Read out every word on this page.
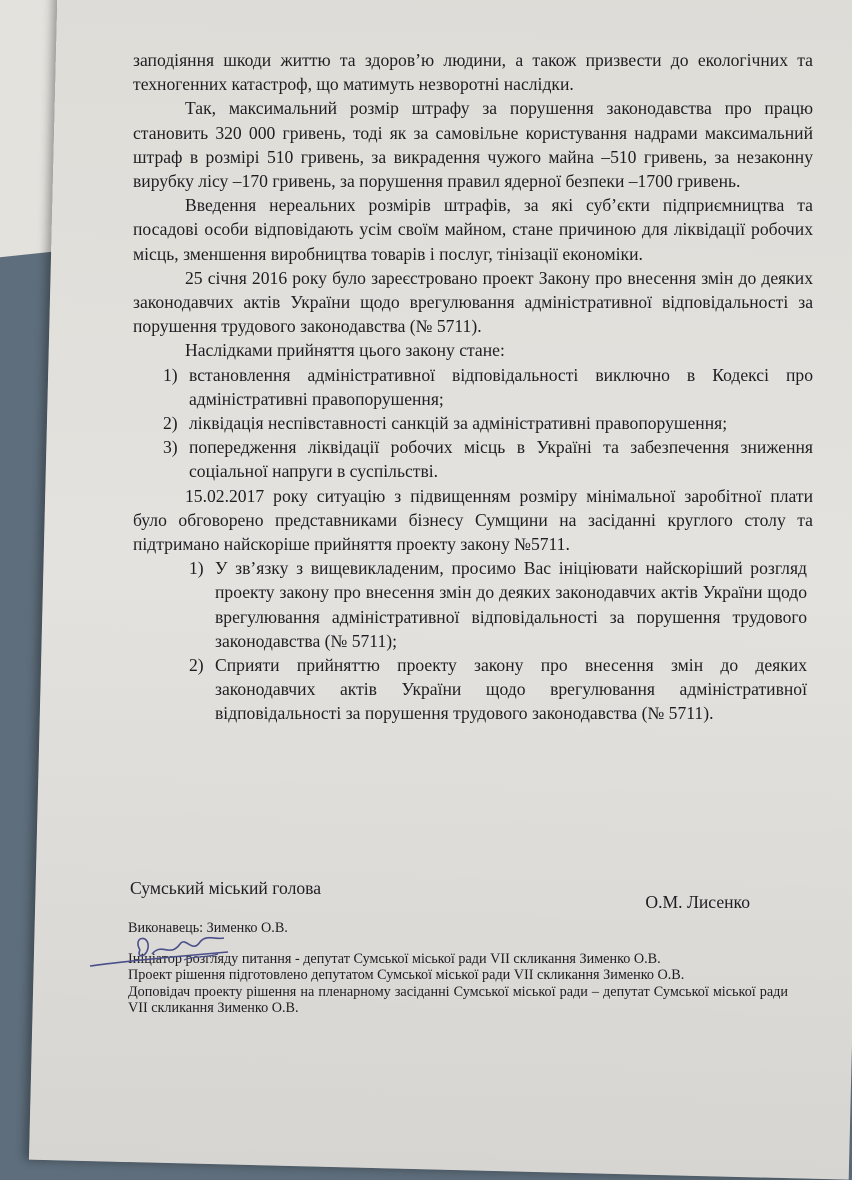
заподіяння шкоди життю та здоров’ю людини, а також призвести до екологічних та техногенних катастроф, що матимуть незворотні наслідки.

Так, максимальний розмір штрафу за порушення законодавства про працю становить 320 000 гривень, тоді як за самовільне користування надрами максимальний штраф в розмірі 510 гривень, за викрадення чужого майна –510 гривень, за незаконну вирубку лісу –170 гривень, за порушення правил ядерної безпеки –1700 гривень.

Введення нереальних розмірів штрафів, за які суб’єкти підприємництва та посадові особи відповідають усім своїм майном, стане причиною для ліквідації робочих місць, зменшення виробництва товарів і послуг, тінізації економіки.

25 січня 2016 року було зареєстровано проект Закону про внесення змін до деяких законодавчих актів України щодо врегулювання адміністративної відповідальності за порушення трудового законодавства (№ 5711).

Наслідками прийняття цього закону стане:

1) встановлення адміністративної відповідальності виключно в Кодексі про адміністративні правопорушення;
2) ліквідація неспівставності санкцій за адміністративні правопорушення;
3) попередження ліквідації робочих місць в Україні та забезпечення зниження соціальної напруги в суспільстві.

15.02.2017 року ситуацію з підвищенням розміру мінімальної заробітної плати було обговорено представниками бізнесу Сумщини на засіданні круглого столу та підтримано найскоріше прийняття проекту закону №5711.

1) У зв’язку з вищевикладеним, просимо Вас ініціювати найскоріший розгляд проекту закону про внесення змін до деяких законодавчих актів України щодо врегулювання адміністративної відповідальності за порушення трудового законодавства (№ 5711);
2) Сприяти прийняттю проекту закону про внесення змін до деяких законодавчих актів України щодо врегулювання адміністративної відповідальності за порушення трудового законодавства (№ 5711).
Сумський міський голова
О.М. Лисенко

Виконавець: Зименко О.В.

Ініціатор розгляду питання - депутат Сумської міської ради VII скликання Зименко О.В.

Проект рішення підготовлено депутатом Сумської міської ради VII скликання Зименко О.В.

Доповідач проекту рішення на пленарному засіданні Сумської міської ради – депутат Сумської міської ради VII скликання Зименко О.В.
